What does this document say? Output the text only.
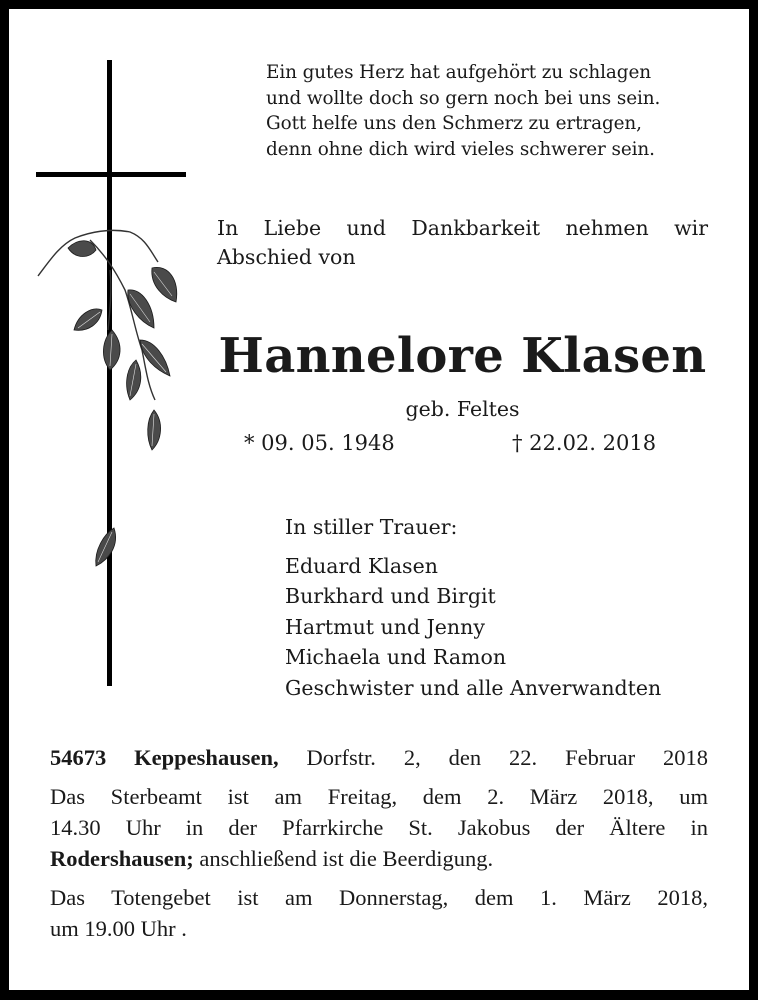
Ein gutes Herz hat aufgehört zu schlagen
und wollte doch so gern noch bei uns sein.
Gott helfe uns den Schmerz zu ertragen,
denn ohne dich wird vieles schwerer sein.
In Liebe und Dankbarkeit nehmen wir
Abschied von
Hannelore Klasen
geb. Feltes
* 09. 05. 1948	† 22.02. 2018
In stiller Trauer:
Eduard Klasen
Burkhard und Birgit
Hartmut und Jenny
Michaela und Ramon
Geschwister und alle Anverwandten

54673 Keppeshausen, Dorfstr. 2, den 22. Februar 2018

Das Sterbeamt ist am Freitag, dem 2. März 2018, um
14.30 Uhr in der Pfarrkirche St. Jakobus der Ältere in
Rodershausen; anschließend ist die Beerdigung.

Das Totengebet ist am Donnerstag, dem 1. März 2018,
um 19.00 Uhr .
